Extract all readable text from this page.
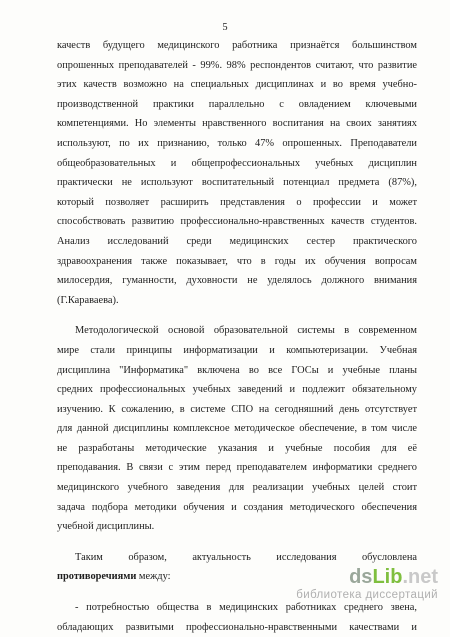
5
качеств будущего медицинского работника признаётся большинством
опрошенных преподавателей - 99%. 98% респондентов считают, что развитие
этих качеств возможно на специальных дисциплинах и во время учебно-
производственной практики параллельно с овладением ключевыми
компетенциями. Но элементы нравственного воспитания на своих занятиях
используют, по их признанию, только 47% опрошенных. Преподаватели
общеобразовательных и общепрофессиональных учебных дисциплин
практически не используют воспитательный потенциал предмета (87%),
который позволяет расширить представления о профессии и может
способствовать развитию профессионально-нравственных качеств студентов.
Анализ исследований среди медицинских сестер практического
здравоохранения также показывает, что в годы их обучения вопросам
милосердия, гуманности, духовности не уделялось должного внимания
(Г.Караваева).
Методологической основой образовательной системы в современном
мире стали принципы информатизации и компьютеризации. Учебная
дисциплина "Информатика" включена во все ГОСы и учебные планы
средних профессиональных учебных заведений и подлежит обязательному
изучению. К сожалению, в системе СПО на сегодняшний день отсутствует
для данной дисциплины комплексное методическое обеспечение, в том числе
не разработаны методические указания и учебные пособия для её
преподавания. В связи с этим перед преподавателем информатики среднего
медицинского учебного заведения для реализации учебных целей стоит
задача подбора методики обучения и создания методического обеспечения
учебной дисциплины.
Таким образом, актуальность исследования обусловлена
противоречиями между:
- потребностью общества в медицинских работниках среднего звена,
обладающих развитыми профессионально-нравственными качествами и
dsLib.net
библиотека диссертаций
